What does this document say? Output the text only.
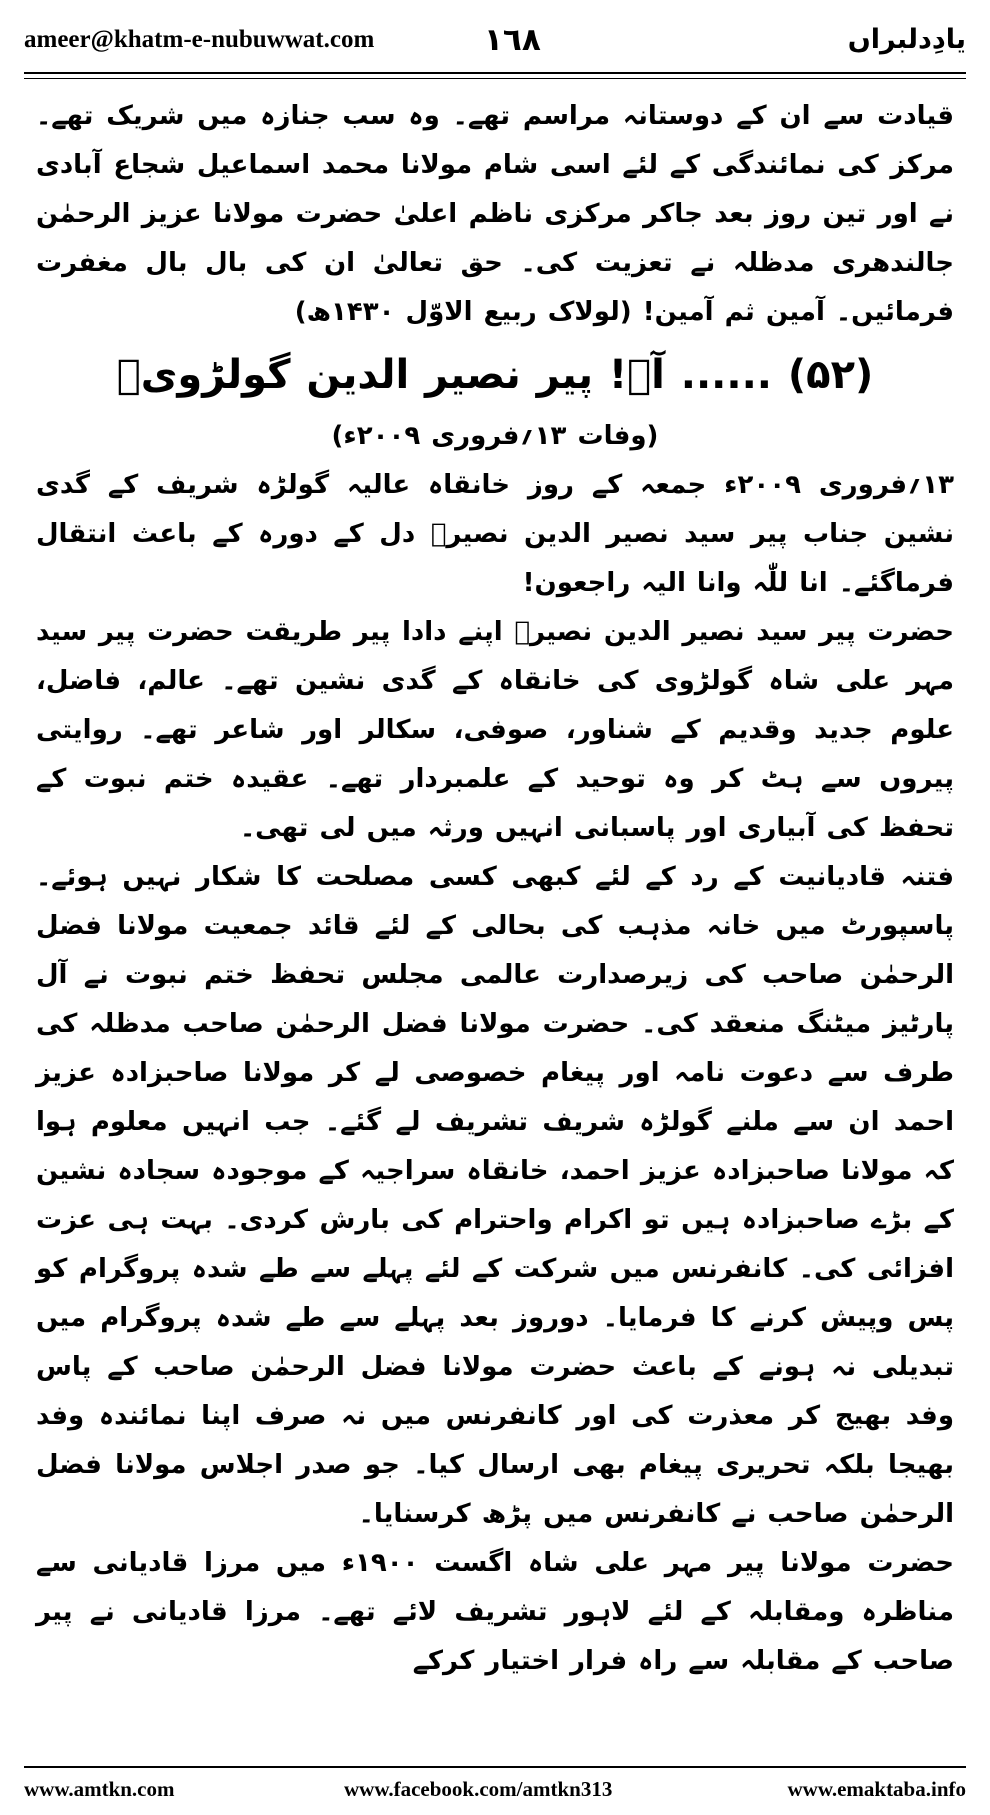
ameer@khatm-e-nubuwwat.com	١٦٨	یادِدلبراں

قیادت سے ان کے دوستانہ مراسم تھے۔ وہ سب جنازہ میں شریک تھے۔ مرکز کی نمائندگی کے لئے اسی شام مولانا محمد اسماعیل شجاع آبادی نے اور تین روز بعد جاکر مرکزی ناظم اعلیٰ حضرت مولانا عزیز الرحمٰن جالندھری مدظلہ نے تعزیت کی۔ حق تعالیٰ ان کی بال بال مغفرت فرمائیں۔ آمین ثم آمین! (لولاک ربیع الاوّل ۱۴۳۰ھ)

(۵۲) ...... آہ! پیر نصیر الدین گولڑویؒ
(وفات ۱۳؍فروری ۲۰۰۹ء)

۱۳؍فروری ۲۰۰۹ء جمعہ کے روز خانقاہ عالیہ گولڑہ شریف کے گدی نشین جناب پیر سید نصیر الدین نصیرؒ دل کے دورہ کے باعث انتقال فرماگئے۔ انا للّٰہ وانا الیہ راجعون!

حضرت پیر سید نصیر الدین نصیرؒ اپنے دادا پیر طریقت حضرت پیر سید مہر علی شاہ گولڑوی کی خانقاہ کے گدی نشین تھے۔ عالم، فاضل، علوم جدید وقدیم کے شناور، صوفی، سکالر اور شاعر تھے۔ روایتی پیروں سے ہٹ کر وہ توحید کے علمبردار تھے۔ عقیدہ ختم نبوت کے تحفظ کی آبیاری اور پاسبانی انہیں ورثہ میں لی تھی۔

فتنہ قادیانیت کے رد کے لئے کبھی کسی مصلحت کا شکار نہیں ہوئے۔ پاسپورٹ میں خانہ مذہب کی بحالی کے لئے قائد جمعیت مولانا فضل الرحمٰن صاحب کی زیرصدارت عالمی مجلس تحفظ ختم نبوت نے آل پارٹیز میٹنگ منعقد کی۔ حضرت مولانا فضل الرحمٰن صاحب مدظلہ کی طرف سے دعوت نامہ اور پیغام خصوصی لے کر مولانا صاحبزادہ عزیز احمد ان سے ملنے گولڑہ شریف تشریف لے گئے۔ جب انہیں معلوم ہوا کہ مولانا صاحبزادہ عزیز احمد، خانقاہ سراجیہ کے موجودہ سجادہ نشین کے بڑے صاحبزادہ ہیں تو اکرام واحترام کی بارش کردی۔ بہت ہی عزت افزائی کی۔ کانفرنس میں شرکت کے لئے پہلے سے طے شدہ پروگرام کو پس وپیش کرنے کا فرمایا۔ دوروز بعد پہلے سے طے شدہ پروگرام میں تبدیلی نہ ہونے کے باعث حضرت مولانا فضل الرحمٰن صاحب کے پاس وفد بھیج کر معذرت کی اور کانفرنس میں نہ صرف اپنا نمائندہ وفد بھیجا بلکہ تحریری پیغام بھی ارسال کیا۔ جو صدر اجلاس مولانا فضل الرحمٰن صاحب نے کانفرنس میں پڑھ کرسنایا۔

حضرت مولانا پیر مہر علی شاہ اگست ۱۹۰۰ء میں مرزا قادیانی سے مناظرہ ومقابلہ کے لئے لاہور تشریف لائے تھے۔ مرزا قادیانی نے پیر صاحب کے مقابلہ سے راہ فرار اختیار کرکے

www.amtkn.com	www.facebook.com/amtkn313	www.emaktaba.info
